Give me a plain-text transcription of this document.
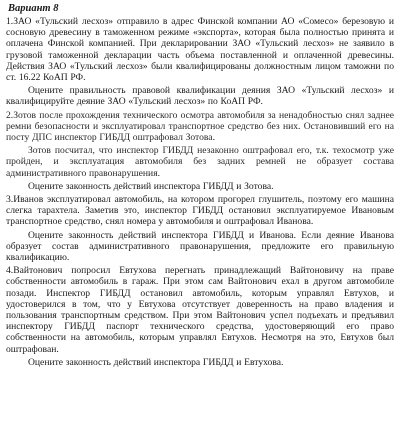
Вариант 8

1.ЗАО «Тульский лесхоз» отправило в адрес Финской компании АО «Сомесо» березовую и сосновую древесину в таможенном режиме «экспорта», которая была полностью принята и оплачена Финской компанией. При декларировании ЗАО «Тульский лесхоз» не заявило в грузовой таможенной декларации часть объема поставленной и оплаченной древесины. Действия ЗАО «Тульский лесхоз» были квалифицированы должностным лицом таможни по ст. 16.22 КоАП РФ.

Оцените правильность правовой квалификации деяния ЗАО «Тульский лесхоз» и квалифицируйте деяние ЗАО «Тульский лесхоз» по КоАП РФ.

2.Зотов после прохождения технического осмотра автомобиля за ненадобностью снял заднее ремни безопасности и эксплуатировал транспортное средство без них. Остановивший его на посту ДПС инспектор ГИБДД оштрафовал Зотова.

Зотов посчитал, что инспектор ГИБДД незаконно оштрафовал его, т.к. техосмотр уже пройден, и эксплуатация автомобиля без задних ремней не образует состава административного правонарушения.

Оцените законность действий инспектора ГИБДД и Зотова.

3.Иванов эксплуатировал автомобиль, на котором прогорел глушитель, поэтому его машина слегка тарахтела. Заметив это, инспектор ГИБДД остановил эксплуатируемое Ивановым транспортное средство, снял номера у автомобиля и оштрафовал Иванова.

Оцените законность действий инспектора ГИБДД и Иванова. Если деяние Иванова образует состав административного правонарушения, предложите его правильную квалификацию.

4.Вайтонович попросил Евтухова перегнать принадлежащий Вайтоновичу на праве собственности автомобиль в гараж. При этом сам Вайтонович ехал в другом автомобиле позади. Инспектор ГИБДД остановил автомобиль, которым управлял Евтухов, и удостоверился в том, что у Евтухова отсутствует доверенность на право владения и пользования транспортным средством. При этом Вайтонович успел подъехать и предъявил инспектору ГИБДД паспорт технического средства, удостоверяющий его право собственности на автомобиль, которым управлял Евтухов. Несмотря на это, Евтухов был оштрафован.

Оцените законность действий инспектора ГИБДД и Евтухова.
